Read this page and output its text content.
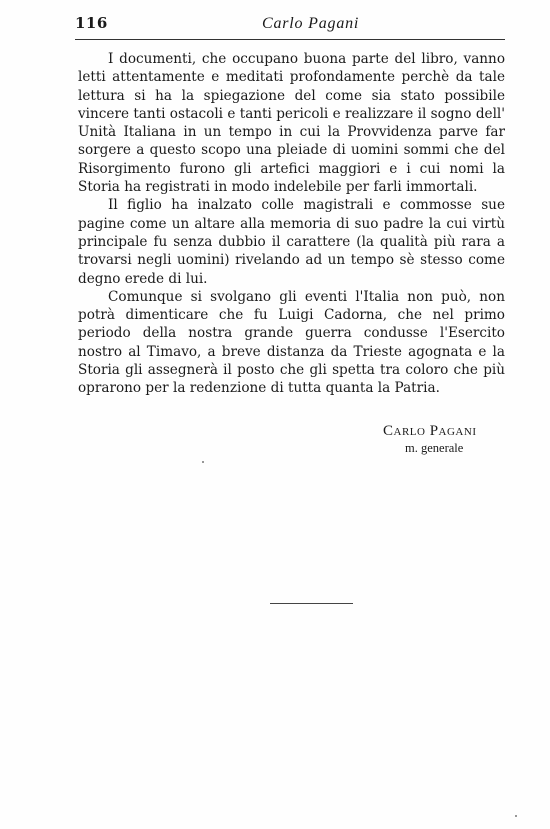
116	Carlo Pagani

I documenti, che occupano buona parte del libro, vanno letti attentamente e meditati profondamente perchè da tale lettura si ha la spiegazione del come sia stato possibile vincere tanti ostacoli e tanti pericoli e realizzare il sogno dell' Unità Italiana in un tempo in cui la Provvidenza parve far sorgere a questo scopo una pleiade di uomini sommi che del Risorgimento furono gli artefici maggiori e i cui nomi la Storia ha registrati in modo indelebile per farli immortali.

Il figlio ha inalzato colle magistrali e commosse sue pagine come un altare alla memoria di suo padre la cui virtù principale fu senza dubbio il carattere (la qualità più rara a trovarsi negli uomini) rivelando ad un tempo sè stesso come degno erede di lui.

Comunque si svolgano gli eventi l'Italia non può, non potrà dimenticare che fu Luigi Cadorna, che nel primo periodo della nostra grande guerra condusse l'Esercito nostro al Timavo, a breve distanza da Trieste agognata e la Storia gli assegnerà il posto che gli spetta tra coloro che più oprarono per la redenzione di tutta quanta la Patria.

Carlo Pagani
m. generale
